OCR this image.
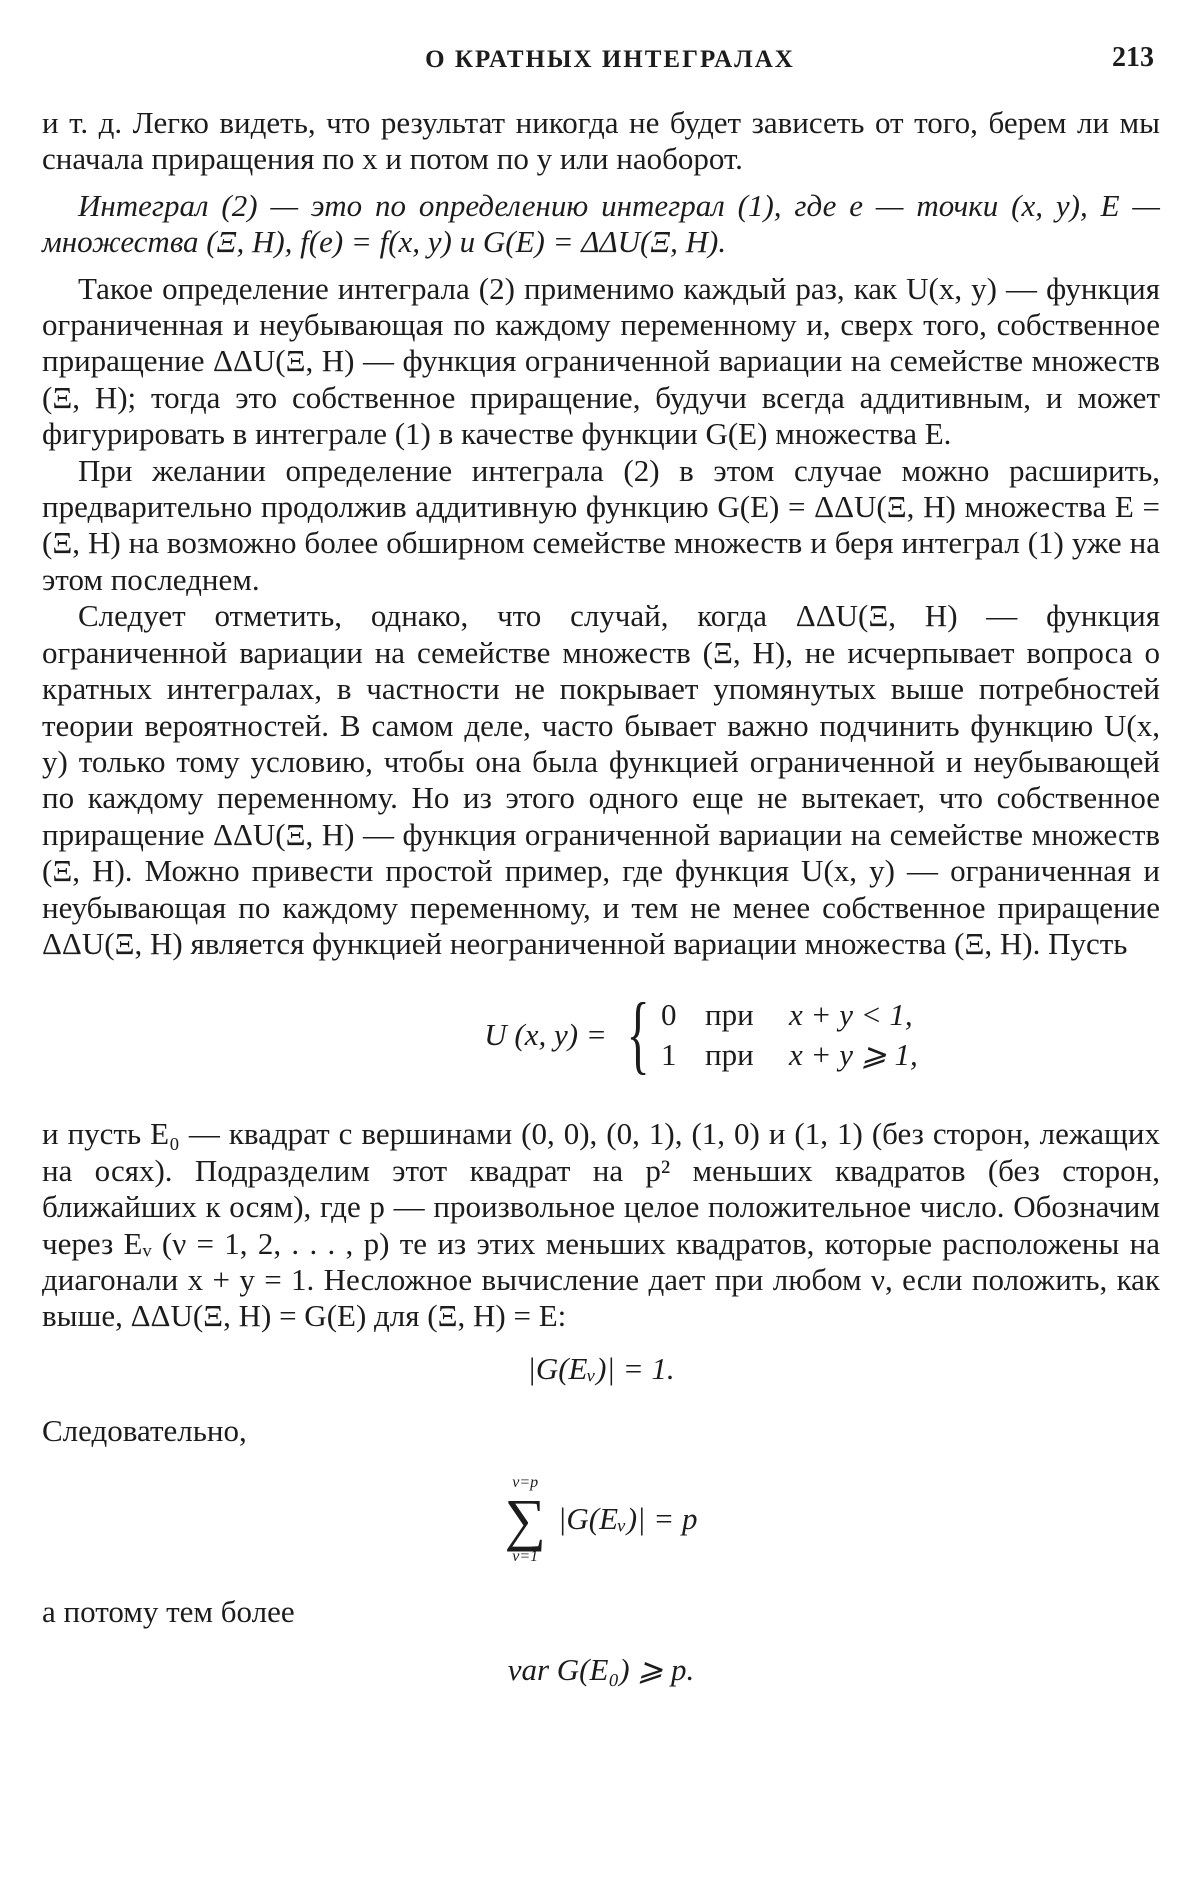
О КРАТНЫХ ИНТЕГРАЛАХ	213

и т. д. Легко видеть, что результат никогда не будет зависеть от того, берем ли мы сначала приращения по x и потом по y или наоборот.

Интеграл (2) — это по определению интеграл (1), где e — точки (x, y), E — множества (Ξ, Η), f(e) = f(x, y) и G(E) = ΔΔU(Ξ, Η).

Такое определение интеграла (2) применимо каждый раз, как U(x, y) — функция ограниченная и неубывающая по каждому переменному и, сверх того, собственное приращение ΔΔU(Ξ, Η) — функция ограниченной вариации на семействе множеств (Ξ, Η); тогда это собственное приращение, будучи всегда аддитивным, и может фигурировать в интеграле (1) в качестве функции G(E) множества E.

При желании определение интеграла (2) в этом случае можно расширить, предварительно продолжив аддитивную функцию G(E) = ΔΔU(Ξ, Η) множества E = (Ξ, Η) на возможно более обширном семействе множеств и беря интеграл (1) уже на этом последнем.

Следует отметить, однако, что случай, когда ΔΔU(Ξ, Η) — функция ограниченной вариации на семействе множеств (Ξ, Η), не исчерпывает вопроса о кратных интегралах, в частности не покрывает упомянутых выше потребностей теории вероятностей. В самом деле, часто бывает важно подчинить функцию U(x, y) только тому условию, чтобы она была функцией ограниченной и неубывающей по каждому переменному. Но из этого одного еще не вытекает, что собственное приращение ΔΔU(Ξ, Η) — функция ограниченной вариации на семействе множеств (Ξ, Η). Можно привести простой пример, где функция U(x, y) — ограниченная и неубывающая по каждому переменному, и тем не менее собственное приращение ΔΔU(Ξ, Η) является функцией неограниченной вариации множества (Ξ, Η). Пусть

U (x, y) = { 0 при x + y < 1,
1 при x + y ⩾ 1,

и пусть E₀ — квадрат с вершинами (0, 0), (0, 1), (1, 0) и (1, 1) (без сторон, лежащих на осях). Подразделим этот квадрат на p² меньших квадратов (без сторон, ближайших к осям), где p — произвольное целое положительное число. Обозначим через Eᵥ (ν = 1, 2, . . . , p) те из этих меньших квадратов, которые расположены на диагонали x + y = 1. Несложное вычисление дает при любом ν, если положить, как выше, ΔΔU(Ξ, Η) = G(E) для (Ξ, Η) = E:

|G(Eᵥ)| = 1.

Следовательно,

ν=p
∑
ν=1
|G(Eᵥ)| = p

а потому тем более

var G(E₀) ⩾ p.
